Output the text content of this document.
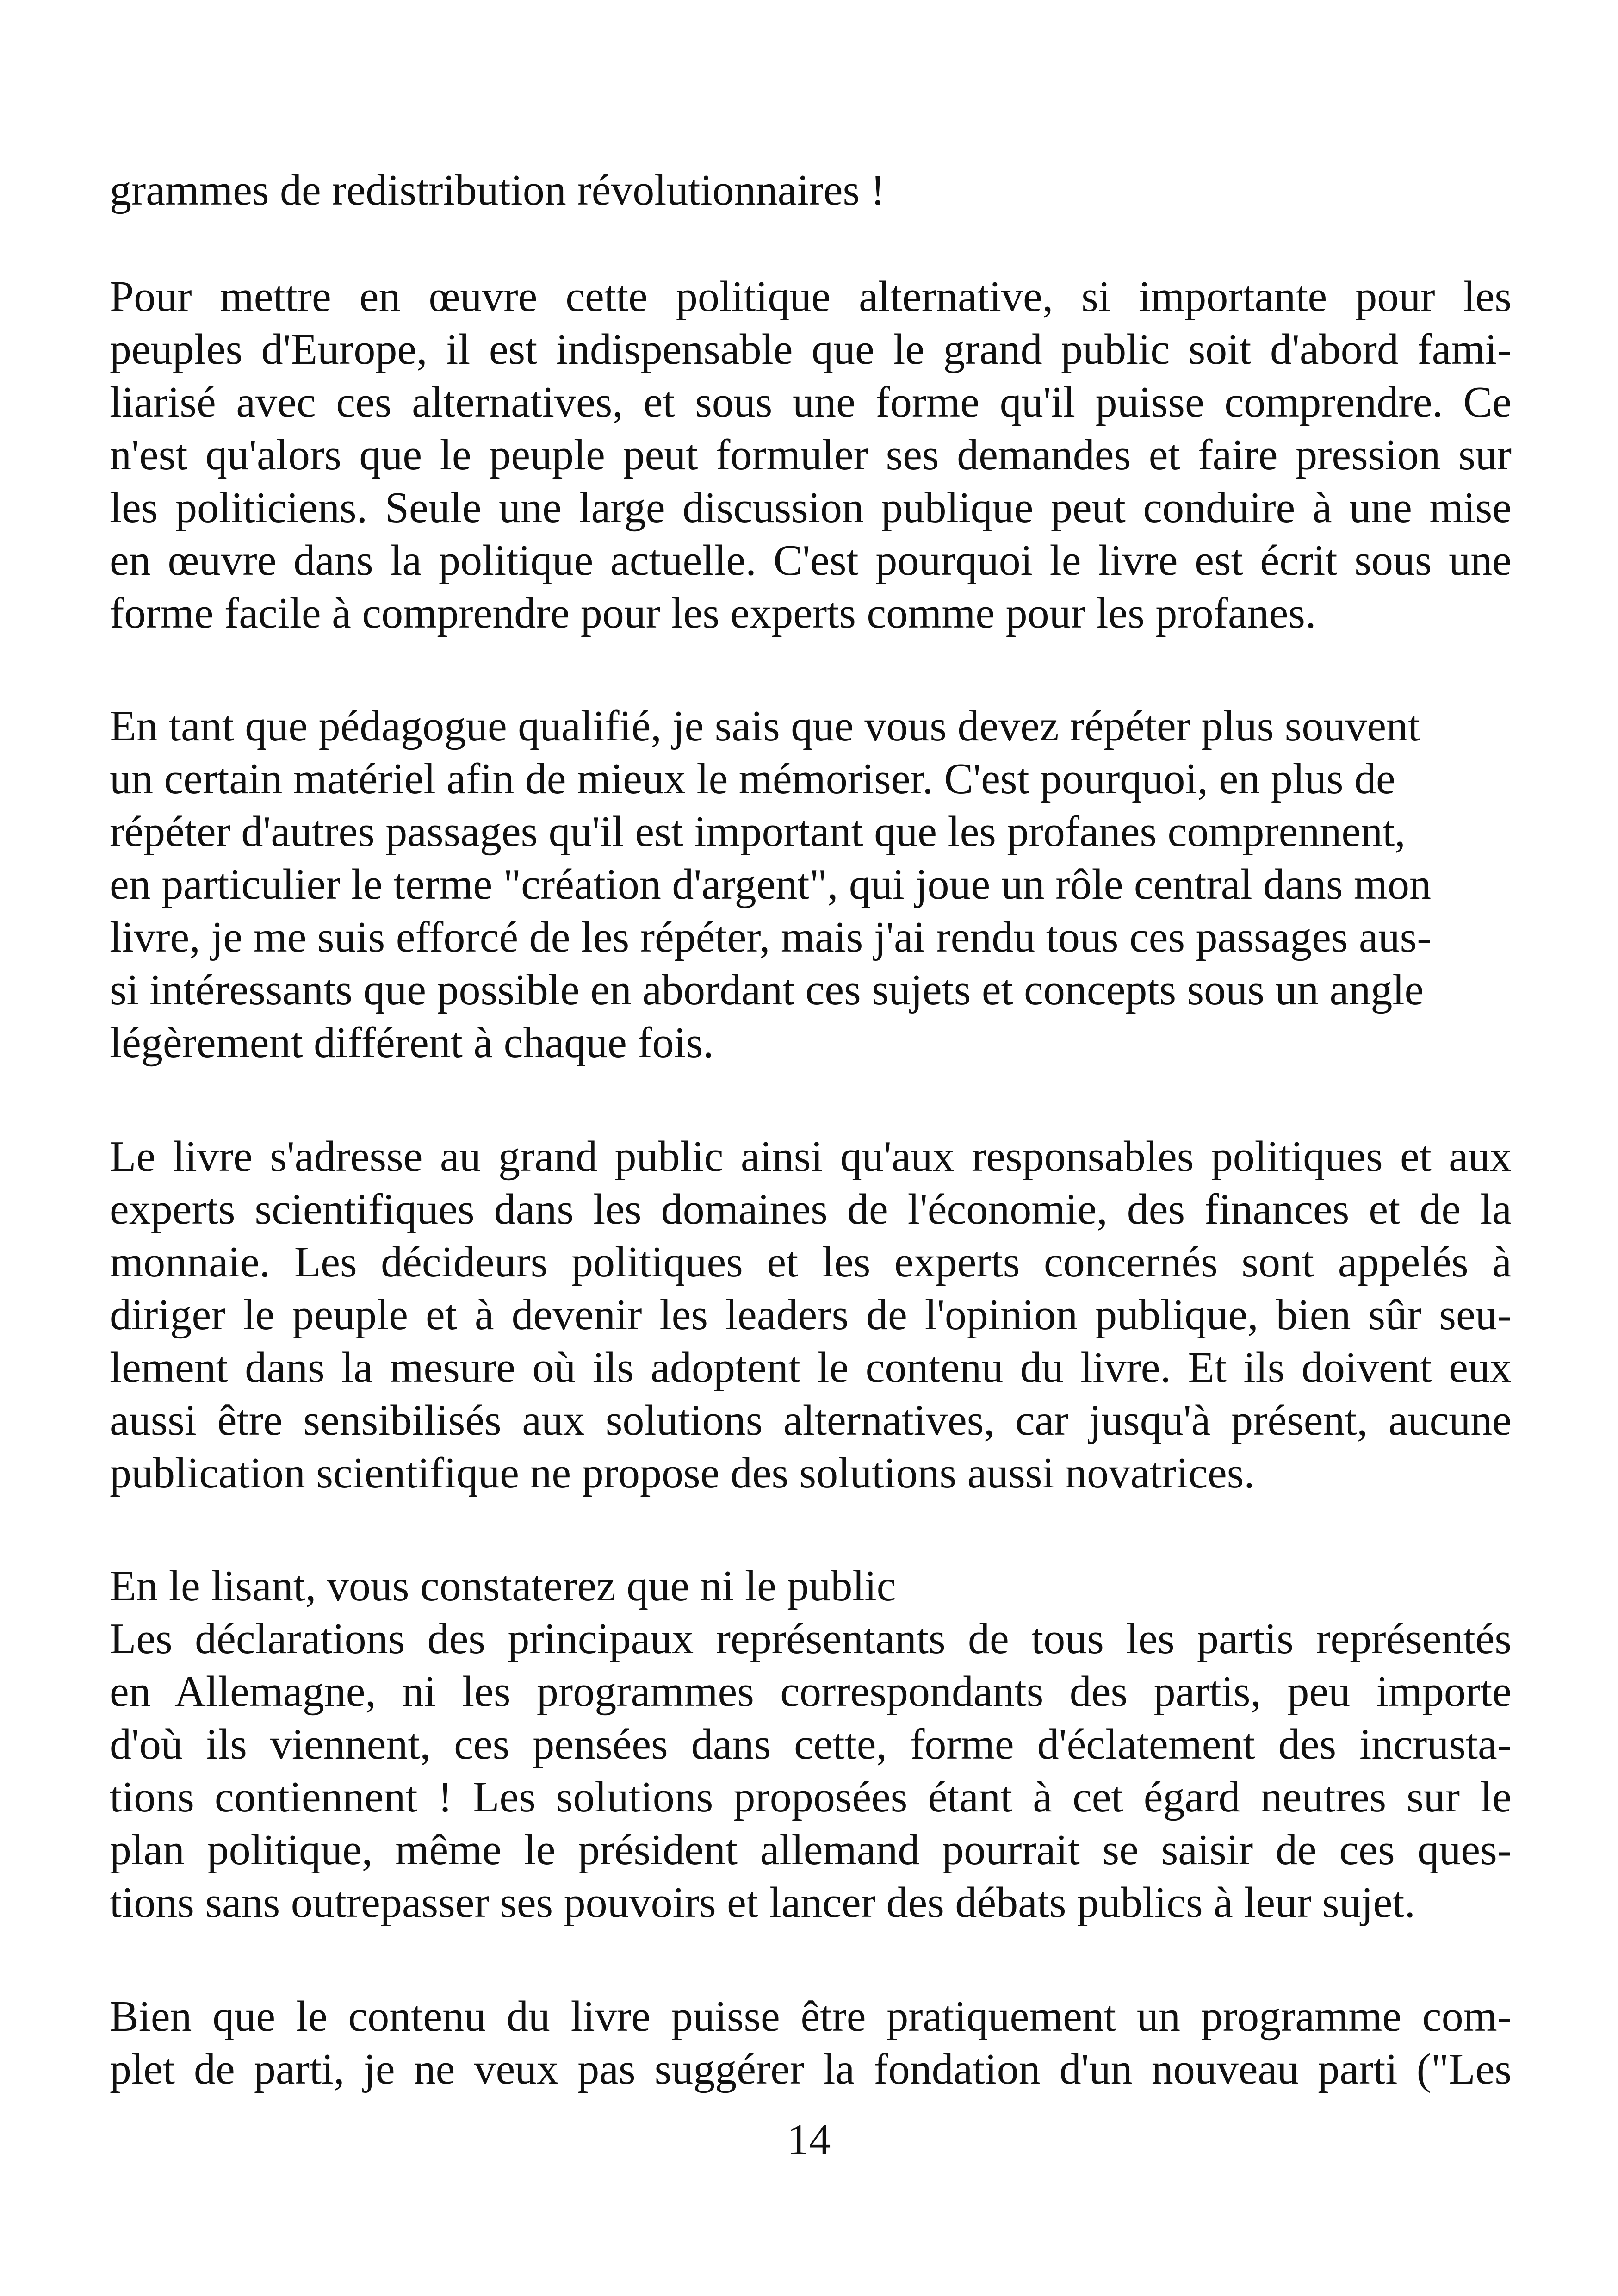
grammes de redistribution révolutionnaires !
Pour mettre en œuvre cette politique alternative, si importante pour les
peuples d'Europe, il est indispensable que le grand public soit d'abord fami-
liarisé avec ces alternatives, et sous une forme qu'il puisse comprendre. Ce
n'est qu'alors que le peuple peut formuler ses demandes et faire pression sur
les politiciens. Seule une large discussion publique peut conduire à une mise
en œuvre dans la politique actuelle. C'est pourquoi le livre est écrit sous une
forme facile à comprendre pour les experts comme pour les profanes.
En tant que pédagogue qualifié, je sais que vous devez répéter plus souvent
un certain matériel afin de mieux le mémoriser. C'est pourquoi, en plus de
répéter d'autres passages qu'il est important que les profanes comprennent,
en particulier le terme "création d'argent", qui joue un rôle central dans mon
livre, je me suis efforcé de les répéter, mais j'ai rendu tous ces passages aus-
si intéressants que possible en abordant ces sujets et concepts sous un angle
légèrement différent à chaque fois.
Le livre s'adresse au grand public ainsi qu'aux responsables politiques et aux
experts scientifiques dans les domaines de l'économie, des finances et de la
monnaie. Les décideurs politiques et les experts concernés sont appelés à
diriger le peuple et à devenir les leaders de l'opinion publique, bien sûr seu-
lement dans la mesure où ils adoptent le contenu du livre. Et ils doivent eux
aussi être sensibilisés aux solutions alternatives, car jusqu'à présent, aucune
publication scientifique ne propose des solutions aussi novatrices.
En le lisant, vous constaterez que ni le public
Les déclarations des principaux représentants de tous les partis représentés
en Allemagne, ni les programmes correspondants des partis, peu importe
d'où ils viennent, ces pensées dans cette, forme d'éclatement des incrusta-
tions contiennent ! Les solutions proposées étant à cet égard neutres sur le
plan politique, même le président allemand pourrait se saisir de ces ques-
tions sans outrepasser ses pouvoirs et lancer des débats publics à leur sujet.
Bien que le contenu du livre puisse être pratiquement un programme com-
plet de parti, je ne veux pas suggérer la fondation d'un nouveau parti ("Les
14
